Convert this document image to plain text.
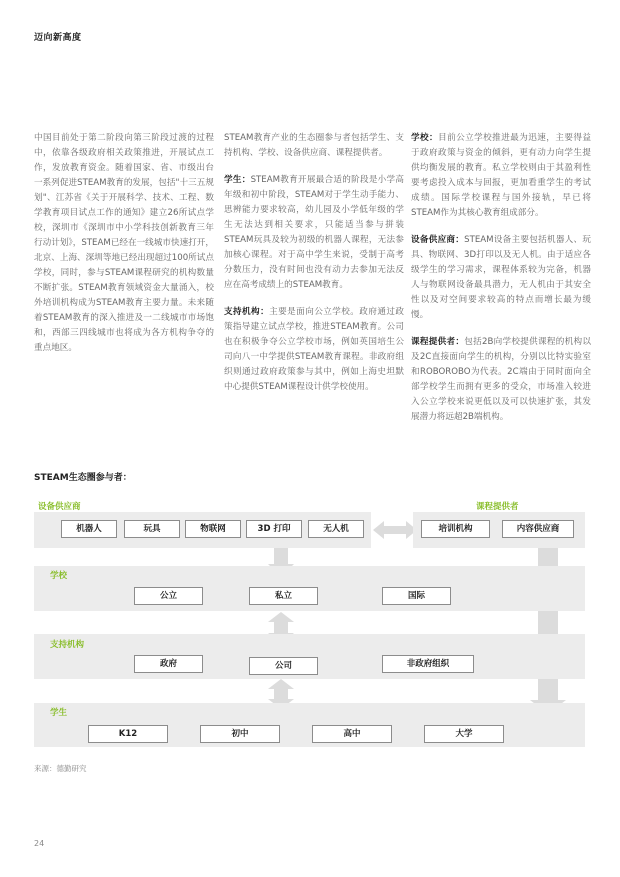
迈向新高度

中国目前处于第二阶段向第三阶段过渡的过程中，依靠各级政府相关政策推进，开展试点工作，发放教育资金。随着国家、省、市级出台一系列促进STEAM教育的发展，包括"十三五规划"、江苏省《关于开展科学、技术、工程、数学教育项目试点工作的通知》建立26所试点学校，深圳市《深圳市中小学科技创新教育三年行动计划》，STEAM已经在一线城市快速打开，北京、上海、深圳等地已经出现超过100所试点学校，同时，参与STEAM课程研究的机构数量不断扩张。STEAM教育领域资金大量涌入，校外培训机构成为STEAM教育主要力量。未来随着STEAM教育的深入推进及一二线城市市场饱和，西部三四线城市也将成为各方机构争夺的重点地区。

STEAM教育产业的生态圈参与者包括学生、支持机构、学校、设备供应商、课程提供者。

学生：STEAM教育开展最合适的阶段是小学高年级和初中阶段，STEAM对于学生动手能力、思辨能力要求较高，幼儿园及小学低年级的学生无法达到相关要求，只能适当参与拼装STEAM玩具及较为初级的机器人课程，无法参加核心课程。对于高中学生来说，受制于高考分数压力，没有时间也没有动力去参加无法反应在高考成绩上的STEAM教育。

支持机构：主要是面向公立学校。政府通过政策指导建立试点学校，推进STEAM教育。公司也在积极争夺公立学校市场，例如英国培生公司向八一中学提供STEAM教育课程。非政府组织则通过政府政策参与其中，例如上海史坦默中心提供STEAM课程设计供学校使用。

学校：目前公立学校推进最为迅速，主要得益于政府政策与资金的倾斜，更有动力向学生提供均衡发展的教育。私立学校则由于其盈利性要考虑投入成本与回报，更加看重学生的考试成绩。国际学校课程与国外接轨，早已将STEAM作为其核心教育组成部分。

设备供应商：STEAM设备主要包括机器人、玩具、物联网、3D打印以及无人机。由于适应各级学生的学习需求，课程体系较为完备，机器人与物联网设备最具潜力，无人机由于其安全性以及对空间要求较高的特点而增长最为缓慢。

课程提供者：包括2B向学校提供课程的机构以及2C直接面向学生的机构，分别以比特实验室和ROBOROBO为代表。2C端由于同时面向全部学校学生而拥有更多的受众，市场准入较进入公立学校来说更低以及可以快速扩张，其发展潜力将远超2B端机构。

STEAM生态圈参与者：
设备供应商
机器人	玩具	物联网	3D 打印	无人机
课程提供者
培训机构	内容供应商
学校
公立	私立	国际
支持机构
政府	公司	非政府组织
学生
K12	初中	高中	大学
来源：德勤研究
24
